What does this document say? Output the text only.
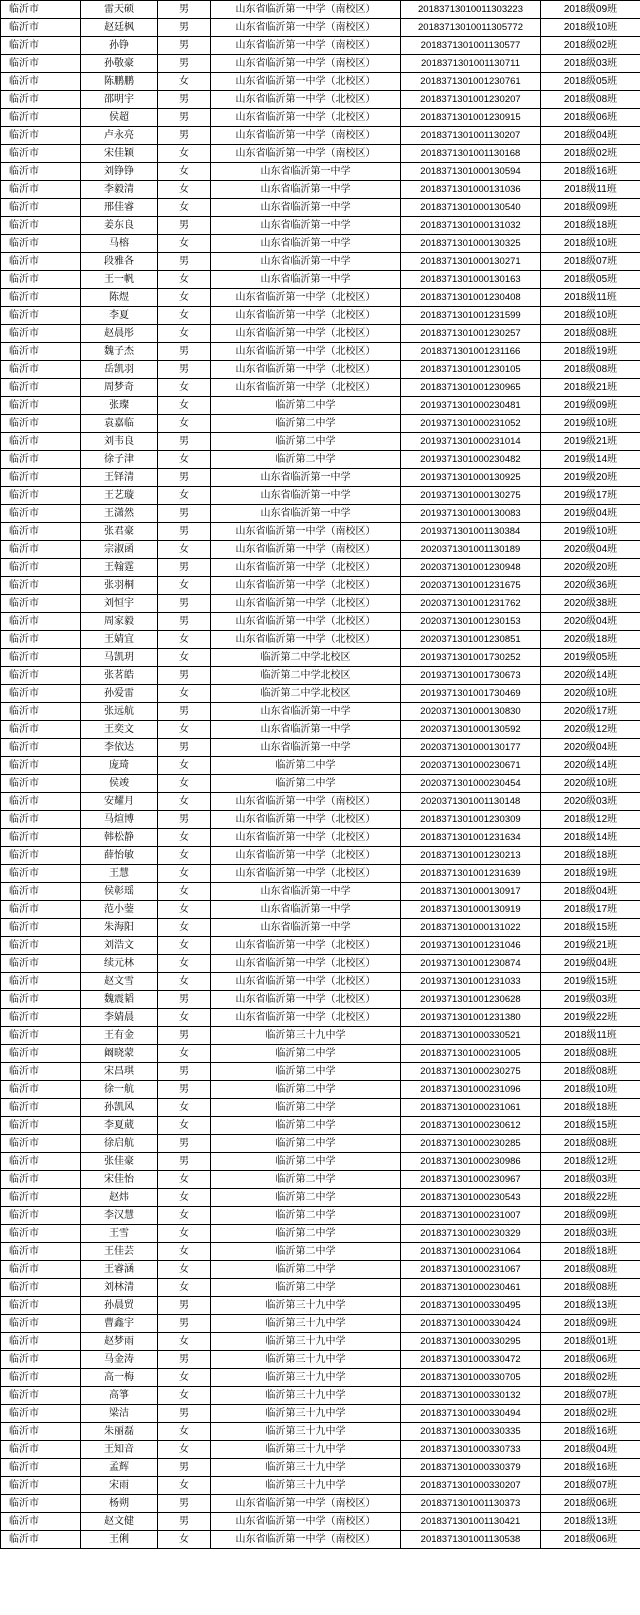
临沂市	雷天硕	男	山东省临沂第一中学（南校区）	20183713010011303223	2018级09班
临沂市	赵廷枫	男	山东省临沂第一中学（南校区）	20183713010011305772	2018级10班
临沂市	孙铮	男	山东省临沂第一中学（南校区）	2018371301001130577	2018级02班
临沂市	孙敬豪	男	山东省临沂第一中学（南校区）	2018371301001130711	2018级03班
临沂市	陈鹏鹏	女	山东省临沂第一中学（北校区）	2018371301001230761	2018级05班
临沂市	邵明宇	男	山东省临沂第一中学（北校区）	2018371301001230207	2018级08班
临沂市	侯超	男	山东省临沂第一中学（北校区）	2018371301001230915	2018级06班
临沂市	卢永亮	男	山东省临沂第一中学（南校区）	2018371301001130207	2018级04班
临沂市	宋佳颖	女	山东省临沂第一中学（南校区）	2018371301001130168	2018级02班
临沂市	刘铮铮	女	山东省临沂第一中学	2018371301000130594	2018级16班
临沂市	李毅清	女	山东省临沂第一中学	2018371301000131036	2018级11班
临沂市	邢佳睿	女	山东省临沂第一中学	2018371301000130540	2018级09班
临沂市	姜东良	男	山东省临沂第一中学	2018371301000131032	2018级18班
临沂市	马榕	女	山东省临沂第一中学	2018371301000130325	2018级10班
临沂市	段雅各	男	山东省临沂第一中学	2018371301000130271	2018级07班
临沂市	王一帆	女	山东省临沂第一中学	2018371301000130163	2018级05班
临沂市	陈煜	女	山东省临沂第一中学（北校区）	2018371301001230408	2018级11班
临沂市	李夏	女	山东省临沂第一中学（北校区）	2018371301001231599	2018级10班
临沂市	赵晨彤	女	山东省临沂第一中学（北校区）	2018371301001230257	2018级08班
临沂市	魏子杰	男	山东省临沂第一中学（北校区）	2018371301001231166	2018级19班
临沂市	岳凯羽	男	山东省临沂第一中学（北校区）	2018371301001230105	2018级08班
临沂市	周梦奇	女	山东省临沂第一中学（北校区）	2018371301001230965	2018级21班
临沂市	张璨	女	临沂第二中学	2019371301000230481	2019级09班
临沂市	袁嘉临	女	临沂第二中学	2019371301000231052	2019级10班
临沂市	刘韦良	男	临沂第二中学	2019371301000231014	2019级21班
临沂市	徐子津	女	临沂第二中学	2019371301000230482	2019级14班
临沂市	王铎清	男	山东省临沂第一中学	2019371301000130925	2019级20班
临沂市	王艺璇	女	山东省临沂第一中学	2019371301000130275	2019级17班
临沂市	王潇然	男	山东省临沂第一中学	2019371301000130083	2019级04班
临沂市	张君豪	男	山东省临沂第一中学（南校区）	2019371301001130384	2019级10班
临沂市	宗淑函	女	山东省临沂第一中学（南校区）	2020371301001130189	2020级04班
临沂市	王翰霆	男	山东省临沂第一中学（北校区）	2020371301001230948	2020级20班
临沂市	张羽桐	女	山东省临沂第一中学（北校区）	2020371301001231675	2020级36班
临沂市	刘恒宇	男	山东省临沂第一中学（北校区）	2020371301001231762	2020级38班
临沂市	周家毅	男	山东省临沂第一中学（北校区）	2020371301001230153	2020级04班
临沂市	王婧宜	女	山东省临沂第一中学（北校区）	2020371301001230851	2020级18班
临沂市	马凯玥	女	临沂第二中学北校区	2019371301001730252	2019级05班
临沂市	张茗皓	男	临沂第二中学北校区	2019371301001730673	2020级14班
临沂市	孙爱雷	女	临沂第二中学北校区	2019371301001730469	2020级10班
临沂市	张远航	男	山东省临沂第一中学	2020371301000130830	2020级17班
临沂市	王奕文	女	山东省临沂第一中学	2020371301000130592	2020级12班
临沂市	李依达	男	山东省临沂第一中学	2020371301000130177	2020级04班
临沂市	庞琦	女	临沂第二中学	2020371301000230671	2020级14班
临沂市	侯竣	女	临沂第二中学	2020371301000230454	2020级10班
临沂市	安耀月	女	山东省临沂第一中学（南校区）	2020371301001130148	2020级03班
临沂市	马煊博	男	山东省临沂第一中学（北校区）	2018371301001230309	2018级12班
临沂市	韩松静	女	山东省临沂第一中学（北校区）	2018371301001231634	2018级14班
临沂市	薛怡敏	女	山东省临沂第一中学（北校区）	2018371301001230213	2018级18班
临沂市	王慧	女	山东省临沂第一中学（北校区）	2018371301001231639	2018级19班
临沂市	侯彰瑶	女	山东省临沂第一中学	2018371301000130917	2018级04班
临沂市	范小蓥	女	山东省临沂第一中学	2018371301000130919	2018级17班
临沂市	朱海阳	女	山东省临沂第一中学	2018371301000131022	2018级15班
临沂市	刘浩文	女	山东省临沂第一中学（北校区）	2019371301001231046	2019级21班
临沂市	续元林	女	山东省临沂第一中学（北校区）	2019371301001230874	2019级04班
临沂市	赵文雪	女	山东省临沂第一中学（北校区）	2019371301001231033	2019级15班
临沂市	魏震韬	男	山东省临沂第一中学（北校区）	2019371301001230628	2019级03班
临沂市	李婧晨	女	山东省临沂第一中学（北校区）	2019371301001231380	2019级22班
临沂市	王有金	男	临沂第三十九中学	2018371301000330521	2018级11班
临沂市	阚晓蒙	女	临沂第二中学	2018371301000231005	2018级08班
临沂市	宋昌琪	男	临沂第二中学	2018371301000230275	2018级08班
临沂市	徐一航	男	临沂第二中学	2018371301000231096	2018级10班
临沂市	孙凯风	女	临沂第二中学	2018371301000231061	2018级18班
临沂市	李夏葳	女	临沂第二中学	2018371301000230612	2018级15班
临沂市	徐启航	男	临沂第二中学	2018371301000230285	2018级08班
临沂市	张佳豪	男	临沂第二中学	2018371301000230986	2018级12班
临沂市	宋佳怡	女	临沂第二中学	2018371301000230967	2018级03班
临沂市	赵炜	女	临沂第二中学	2018371301000230543	2018级22班
临沂市	李汉慧	女	临沂第二中学	2018371301000231007	2018级09班
临沂市	王雪	女	临沂第二中学	2018371301000230329	2018级03班
临沂市	王佳芸	女	临沂第二中学	2018371301000231064	2018级18班
临沂市	王睿涵	女	临沂第二中学	2018371301000231067	2018级08班
临沂市	刘林清	女	临沂第二中学	2018371301000230461	2018级08班
临沂市	孙晨贸	男	临沂第三十九中学	2018371301000330495	2018级13班
临沂市	曹鑫宇	男	临沂第三十九中学	2018371301000330424	2018级09班
临沂市	赵梦雨	女	临沂第三十九中学	2018371301000330295	2018级01班
临沂市	马金涛	男	临沂第三十九中学	2018371301000330472	2018级06班
临沂市	高一梅	女	临沂第三十九中学	2018371301000330705	2018级02班
临沂市	高箏	女	临沂第三十九中学	2018371301000330132	2018级07班
临沂市	梁洁	男	临沂第三十九中学	2018371301000330494	2018级02班
临沂市	朱丽磊	女	临沂第三十九中学	2018371301000330335	2018级16班
临沂市	王知音	女	临沂第三十九中学	2018371301000330733	2018级04班
临沂市	孟辉	男	临沂第三十九中学	2018371301000330379	2018级16班
临沂市	宋雨	女	临沂第三十九中学	2018371301000330207	2018级07班
临沂市	杨朔	男	山东省临沂第一中学（南校区）	2018371301001130373	2018级06班
临沂市	赵文健	男	山东省临沂第一中学（南校区）	2018371301001130421	2018级13班
临沂市	王俐	女	山东省临沂第一中学（南校区）	2018371301001130538	2018级06班
